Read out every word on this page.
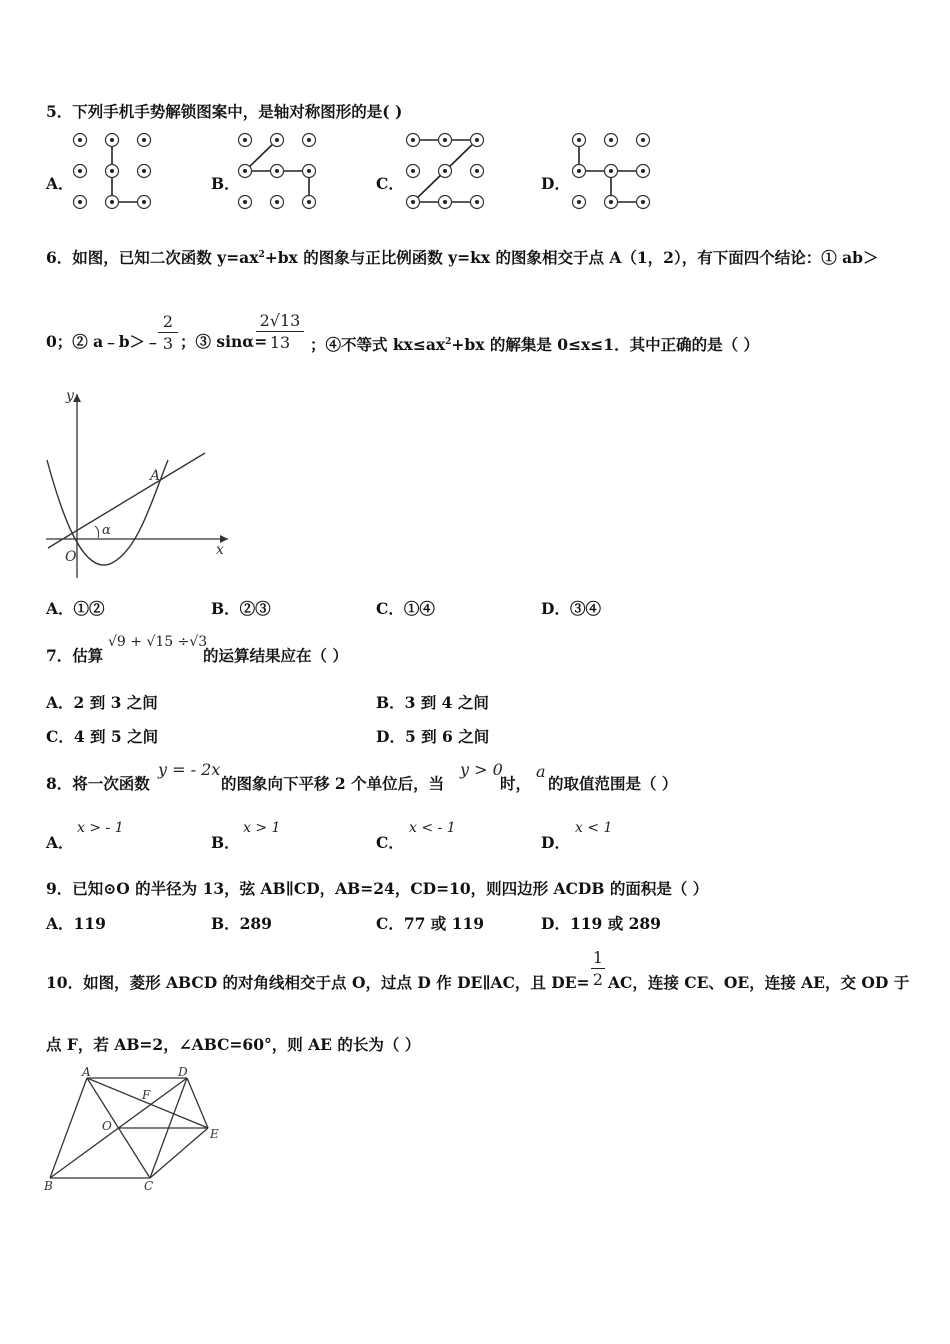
5．下列手机手势解锁图案中，是轴对称图形的是( )
A．	B．	C．	D．
6．如图，已知二次函数 $y=ax^2+bx$ 的图象与正比例函数 y=kx 的图象相交于点 A（1，2），有下面四个结论：① ab＞
0；② a﹣b＞﹣
2
3 ；③ sinα=
2√13
13	；④不等式 $kx\le ax^2+bx$ 的解集是 0≤x≤1．其中正确的是（ ）
y
x
O
A
α
A．①②	B．②③	C．①④	D．③④
7．估算
√9 + √15 ÷√3
的运算结果应在（ ）
A．2 到 3 之间	B．3 到 4 之间
C．4 到 5 之间	D．5 到 6 之间
8．将一次函数
y = - 2x
的图象向下平移 2 个单位后，当
y > 0
时，
a
的取值范围是（ ）
A．
x > - 1
B．
x > 1
C．
x < - 1
D．
x < 1
9．已知⊙O 的半径为 13，弦 AB∥CD，AB=24，CD=10，则四边形 ACDB 的面积是（ ）
A．119	B．289	C．77 或 119	D．119 或 289
10．如图，菱形 ABCD 的对角线相交于点 O，过点 D 作 DE∥AC，且 DE=
1
2 AC，连接 CE、OE，连接 AE，交 OD 于
点 F，若 AB=2，∠ABC=60°，则 AE 的长为（ ）
A	D
F
O
E
B	C
